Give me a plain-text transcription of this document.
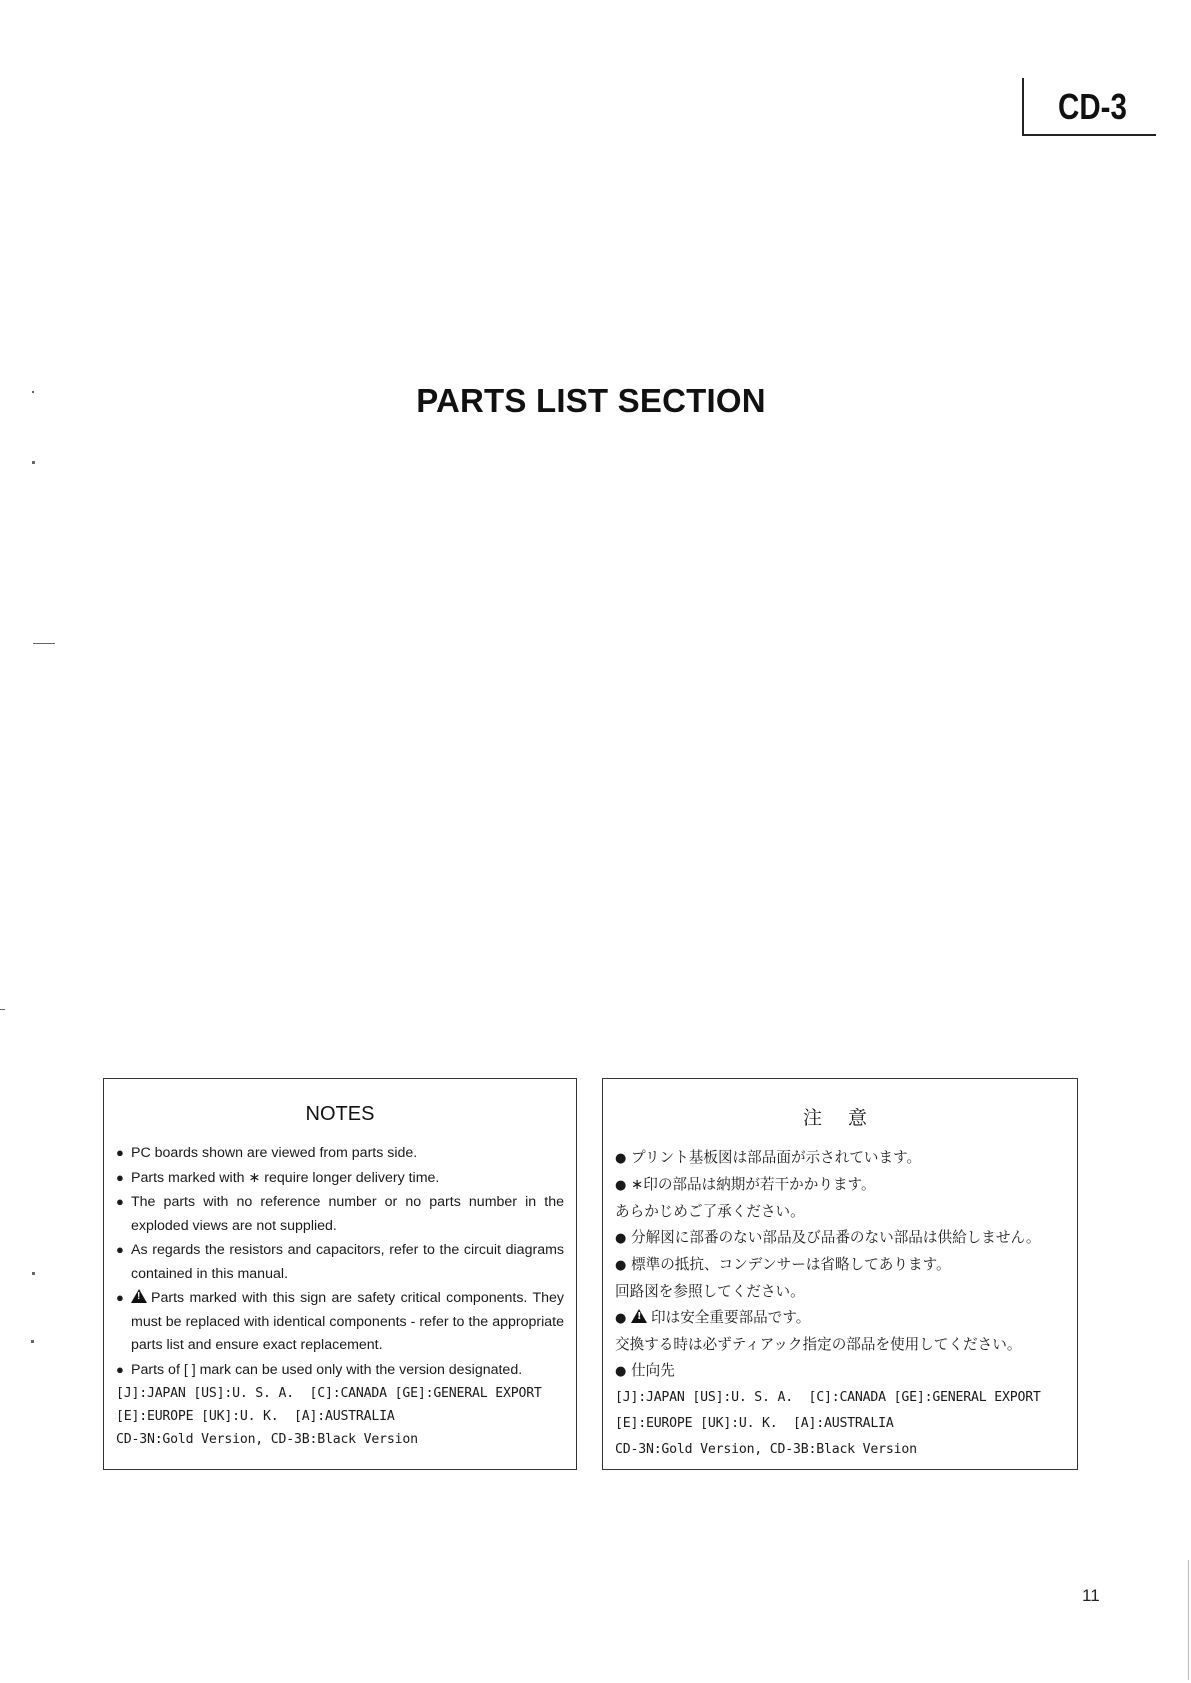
CD-3
PARTS LIST SECTION
NOTES
● PC boards shown are viewed from parts side.
● Parts marked with ∗ require longer delivery time.
● The parts with no reference number or no parts number in the exploded views are not supplied.
● As regards the resistors and capacitors, refer to the circuit diagrams contained in this manual.
● ! Parts marked with this sign are safety critical components. They must be replaced with identical components - refer to the appropriate parts list and ensure exact replacement.
● Parts of [ ] mark can be used only with the version designated.
[J]:JAPAN [US]:U. S. A.  [C]:CANADA [GE]:GENERAL EXPORT
[E]:EUROPE [UK]:U. K.  [A]:AUSTRALIA
CD-3N:Gold Version, CD-3B:Black Version
注 意
● プリント基板図は部品面が示されています。
● ∗印の部品は納期が若干かかります。
あらかじめご了承ください。
● 分解図に部番のない部品及び品番のない部品は供給しません。
● 標準の抵抗、コンデンサーは省略してあります。
回路図を参照してください。
● ! 印は安全重要部品です。
交換する時は必ずティアック指定の部品を使用してください。
● 仕向先
[J]:JAPAN [US]:U. S. A.  [C]:CANADA [GE]:GENERAL EXPORT
[E]:EUROPE [UK]:U. K.  [A]:AUSTRALIA
CD-3N:Gold Version, CD-3B:Black Version
11
